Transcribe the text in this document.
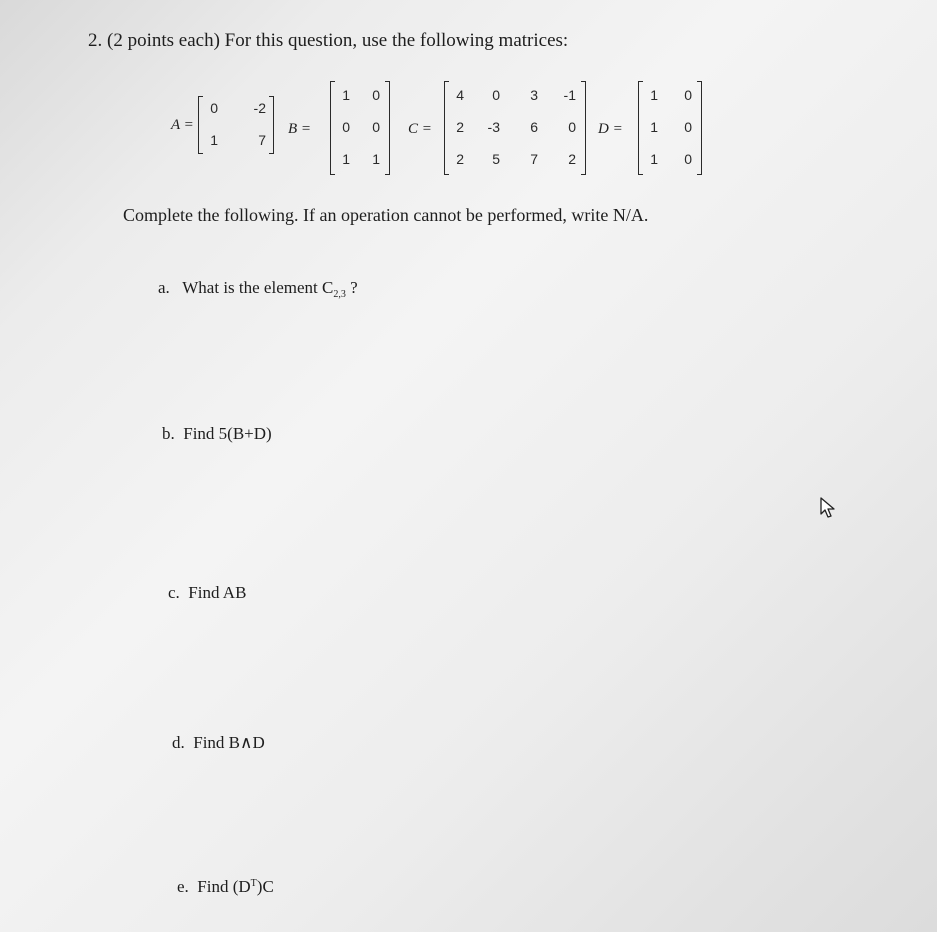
2. (2 points each) For this question, use the following matrices:
A =
0	-2
1	7
B =
1	0
0	0
1	1
C =
4	0	3	-1
2	-3	6	0
2	5	7	2
D =
1	0
1	0
1	0
Complete the following. If an operation cannot be performed, write N/A.
a. What is the element $C_{2,3}$ ?
b. Find 5(B+D)
c. Find AB
d. Find B∧D
e. Find $(D^T)C$
